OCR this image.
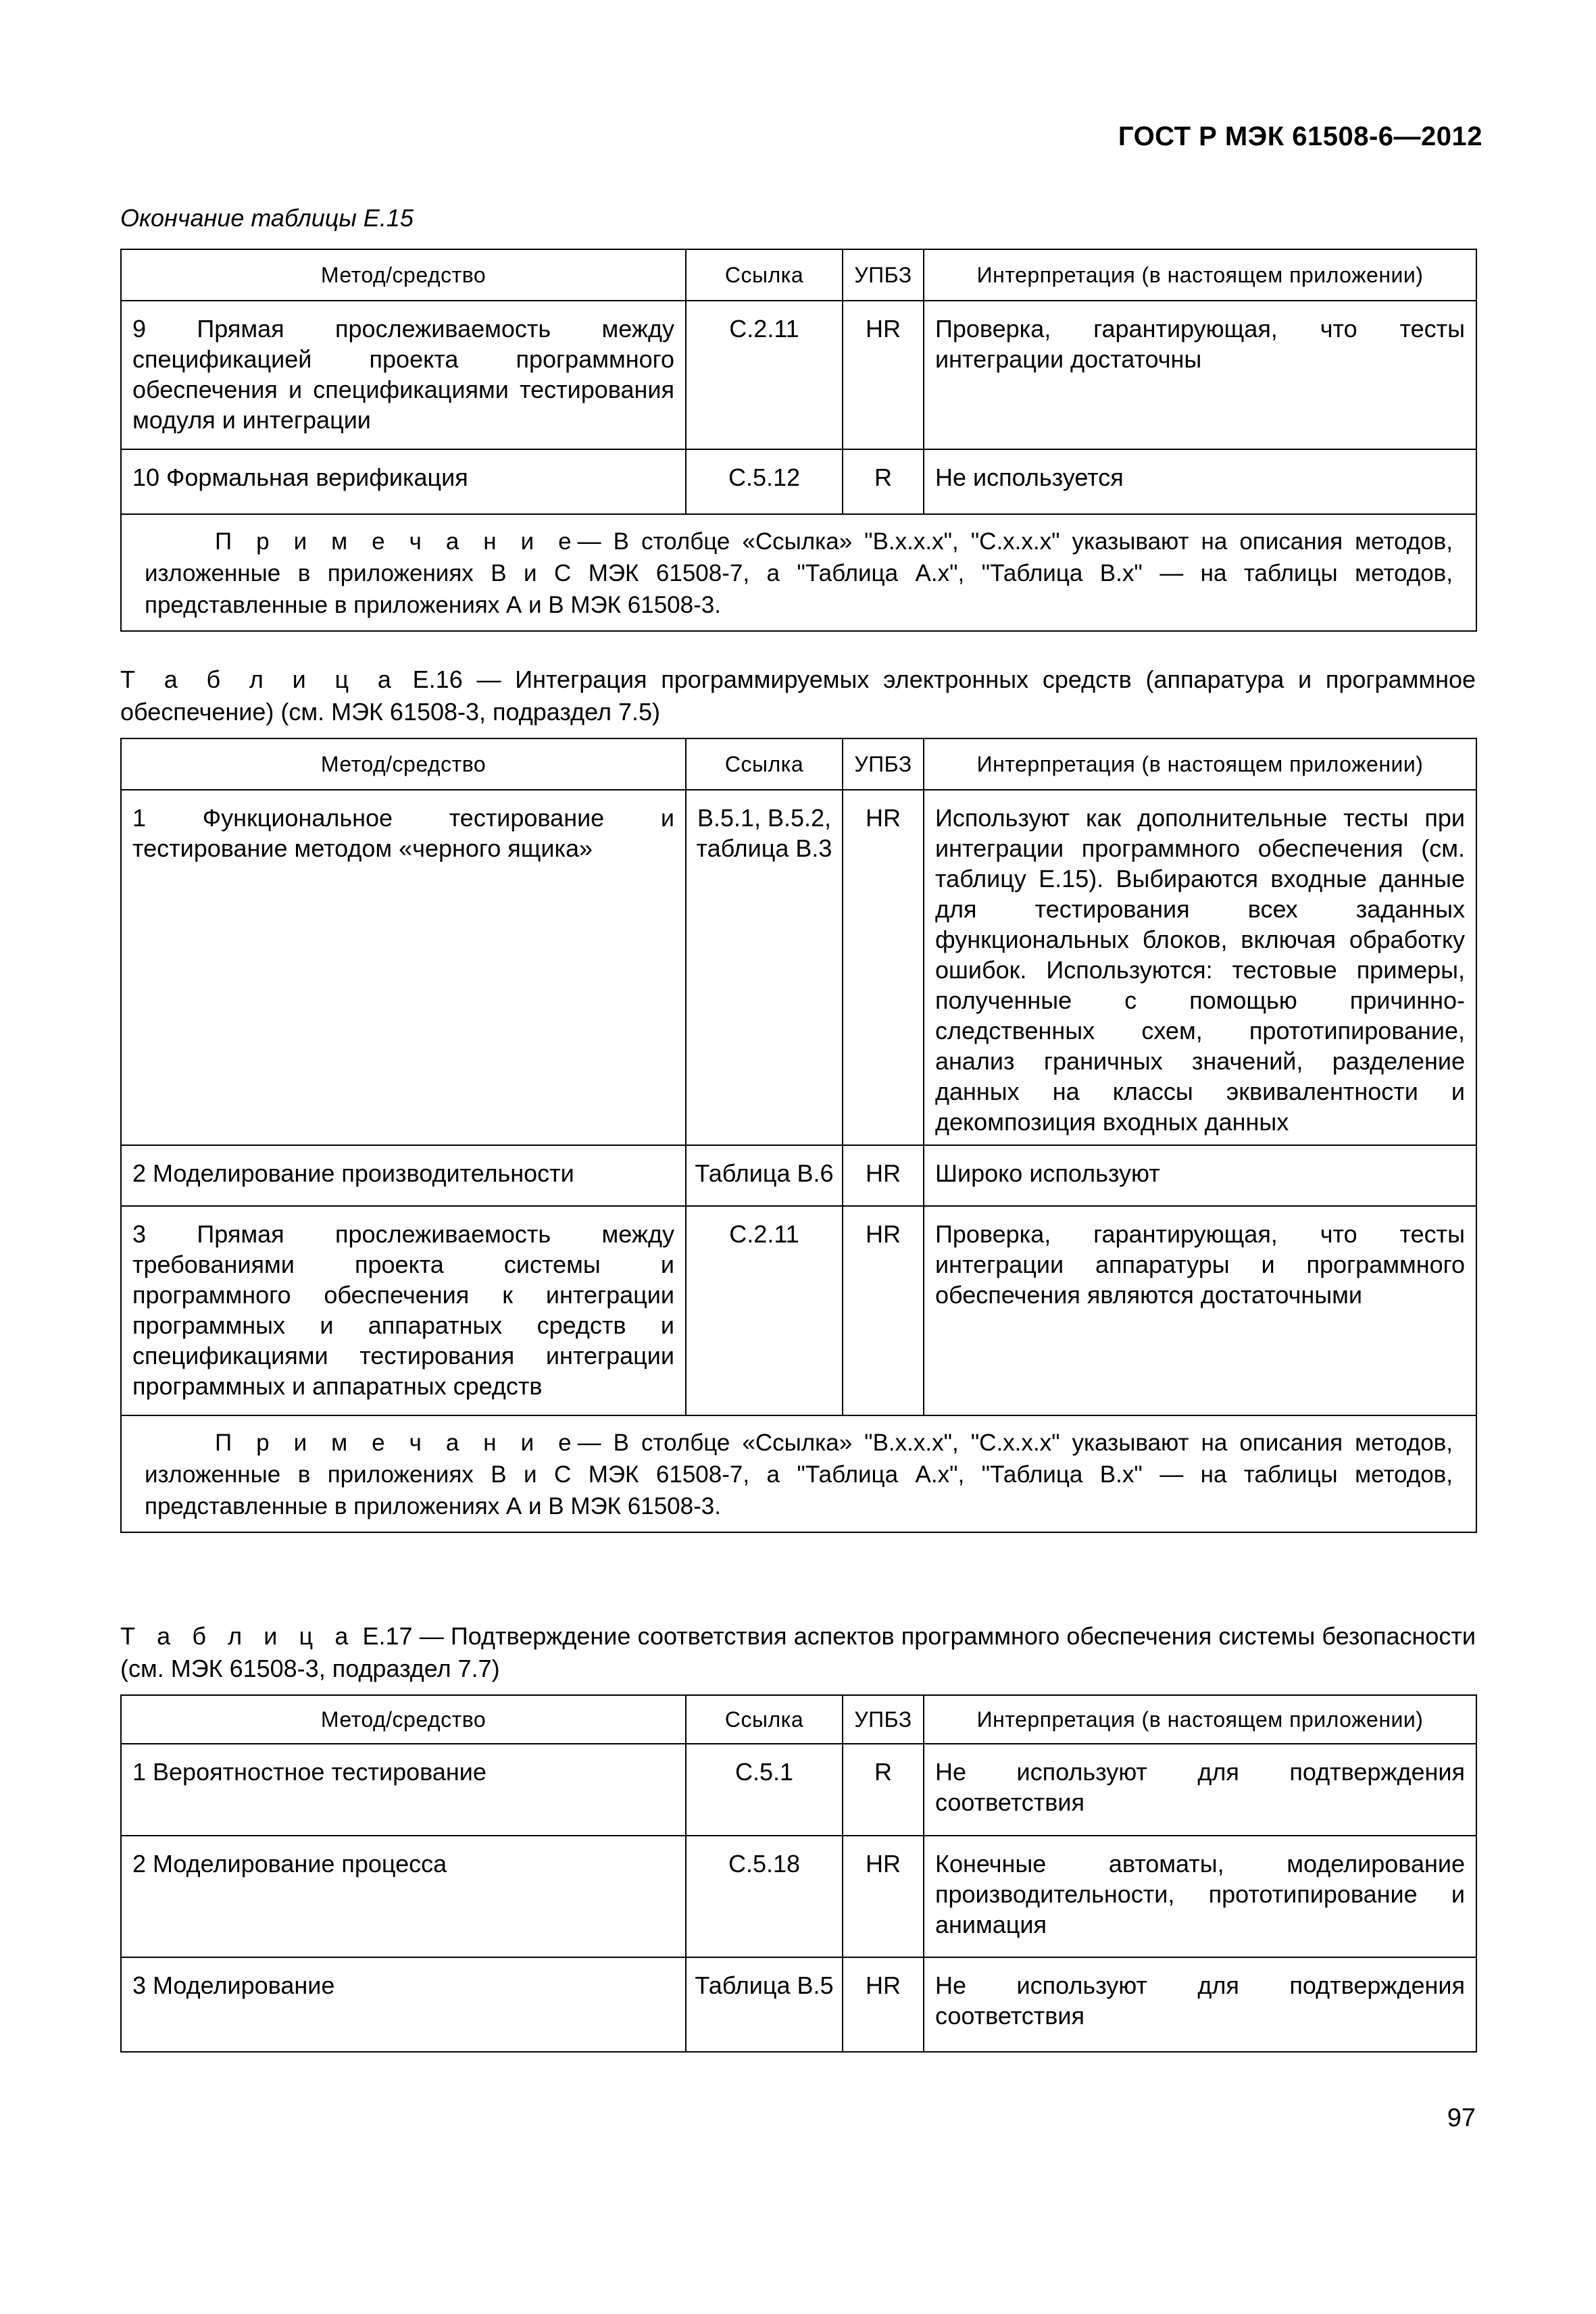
ГОСТ Р МЭК 61508-6—2012
Окончание таблицы Е.15
Метод/средство	Ссылка	УПБЗ	Интерпретация (в настоящем приложении)

9 Прямая прослеживаемость между спецификацией проекта программного обеспечения и спецификациями тестирования модуля и интеграции	C.2.11	HR	Проверка, гарантирующая, что тесты интеграции достаточны

10 Формальная верификация	C.5.12	R	Не используется

П р и м е ч а н и е— В столбце «Ссылка» "B.x.x.x", "C.x.x.x" указывают на описания методов, изложенные в приложениях В и С МЭК 61508-7, а "Таблица А.х", "Таблица В.х" — на таблицы методов, представленные в приложениях А и В МЭК 61508-3.			
Т а б л и ц а Е.16 — Интеграция программируемых электронных средств (аппаратура и программное обеспечение) (см. МЭК 61508-3, подраздел 7.5)
Метод/средство	Ссылка	УПБЗ	Интерпретация (в настоящем приложении)

1 Функциональное тестирование и тестирование методом «черного ящика»	B.5.1, B.5.2, таблица B.3	HR	Используют как дополнительные тесты при интеграции программного обеспечения (см. таблицу Е.15). Выбираются входные данные для тестирования всех заданных функциональных блоков, включая обработку ошибок. Используются: тестовые примеры, полученные с помощью причинно-следственных схем, прототипирование, анализ граничных значений, разделение данных на классы эквивалентности и декомпозиция входных данных

2 Моделирование производительности	Таблица B.6	HR	Широко используют

3 Прямая прослеживаемость между требованиями проекта системы и программного обеспечения к интеграции программных и аппаратных средств и спецификациями тестирования интеграции программных и аппаратных средств	C.2.11	HR	Проверка, гарантирующая, что тесты интеграции аппаратуры и программного обеспечения являются достаточными

П р и м е ч а н и е— В столбце «Ссылка» "B.x.x.x", "C.x.x.x" указывают на описания методов, изложенные в приложениях В и С МЭК 61508-7, а "Таблица А.х", "Таблица В.х" — на таблицы методов, представленные в приложениях А и В МЭК 61508-3.			
Т а б л и ц а Е.17 — Подтверждение соответствия аспектов программного обеспечения системы безопасности (см. МЭК 61508-3, подраздел 7.7)
Метод/средство	Ссылка	УПБЗ	Интерпретация (в настоящем приложении)

1 Вероятностное тестирование	C.5.1	R	Не используют для подтверждения соответствия

2 Моделирование процесса	C.5.18	HR	Конечные автоматы, моделирование производительности, прототипирование и анимация

3 Моделирование	Таблица B.5	HR	Не используют для подтверждения соответствия
97
